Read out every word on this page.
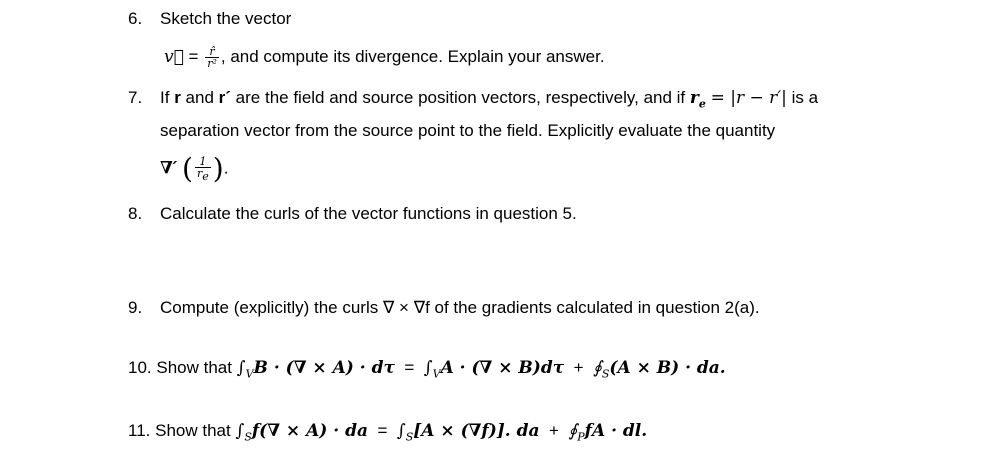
6. Sketch the vector
v⃗ = $\frac{r̂}{\text{r²}}$ , and compute its divergence. Explain your answer.
7. If r and r´ are the field and source position vectors, respectively, and if $r_e = |r - r'|$ is a
separation vector from the source point to the field. Explicitly evaluate the quantity
∇′ ( $\frac{1}{r_e}$ ).
8. Calculate the curls of the vector functions in question 5.
9. Compute (explicitly) the curls ∇ × ∇f of the gradients calculated in question 2(a).
10. Show that $\int_VB$ · (∇ × $A) \cdot d\tau = \int_VA$ · (∇ × $B)d\tau + ∮_S(A \times B)$ · da.
11. Show that $\int_Sf(\nabla \times A)$ · da = $\int_S[A \times (\nabla f)]$. da + $∮_PfA$ · dl.
